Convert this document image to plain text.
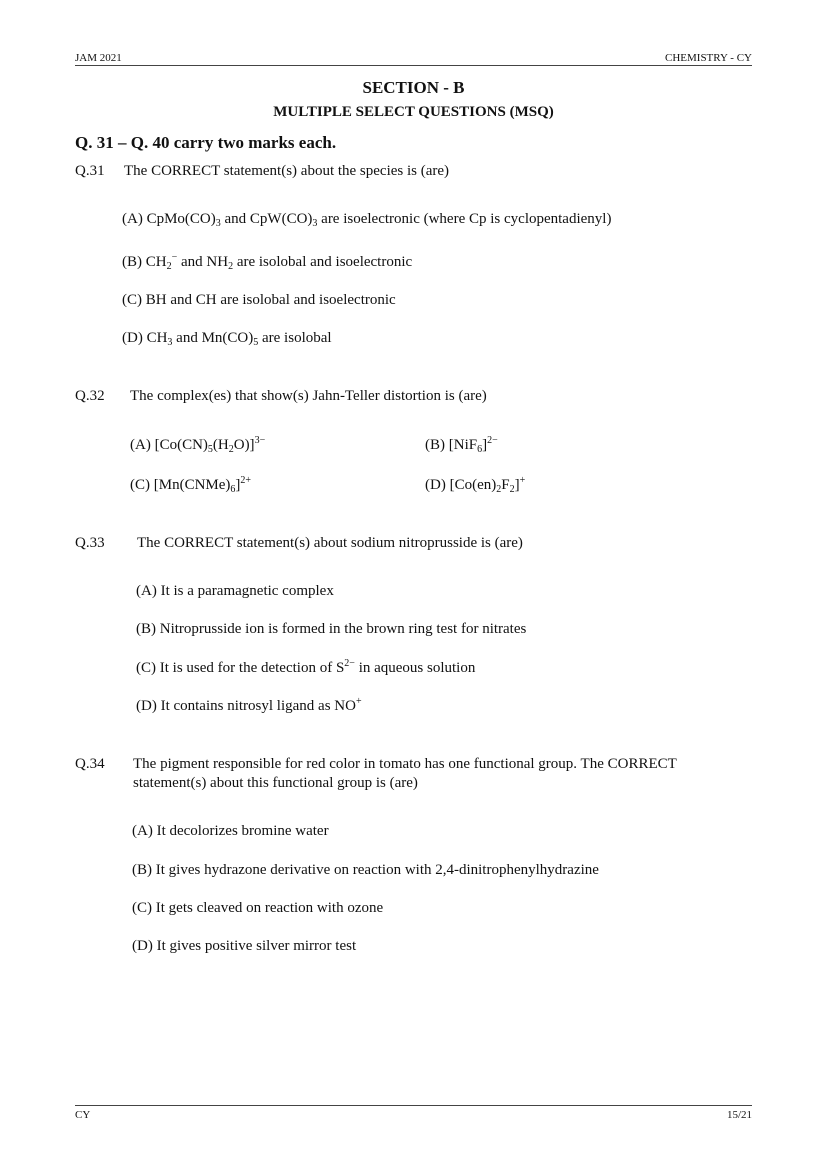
JAM 2021	CHEMISTRY - CY
SECTION - B
MULTIPLE SELECT QUESTIONS (MSQ)
Q. 31 – Q. 40 carry two marks each.
Q.31 The CORRECT statement(s) about the species is (are)
(A) $CpMo(CO)_3$ and $CpW(CO)_3$ are isoelectronic (where Cp is cyclopentadienyl)
(B) $CH_2^-$ and $NH_2$ are isolobal and isoelectronic
(C) BH and CH are isolobal and isoelectronic
(D) $CH_3$ and $Mn(CO)_5$ are isolobal
Q.32 The complex(es) that show(s) Jahn-Teller distortion is (are)
(A) $[Co(CN)_5(H_2O)]^{3-}$	(B) $[NiF_6]^{2-}$
(C) $[Mn(CNMe)_6]^{2+}$	(D) $[Co(en)_2F_2]^+$
Q.33 The CORRECT statement(s) about sodium nitroprusside is (are)
(A) It is a paramagnetic complex
(B) Nitroprusside ion is formed in the brown ring test for nitrates
(C) It is used for the detection of $S^{2-}$ in aqueous solution
(D) It contains nitrosyl ligand as NO+
Q.34 The pigment responsible for red color in tomato has one functional group. The CORRECT
statement(s) about this functional group is (are)
(A) It decolorizes bromine water
(B) It gives hydrazone derivative on reaction with 2,4-dinitrophenylhydrazine
(C) It gets cleaved on reaction with ozone
(D) It gives positive silver mirror test
CY	15/21
